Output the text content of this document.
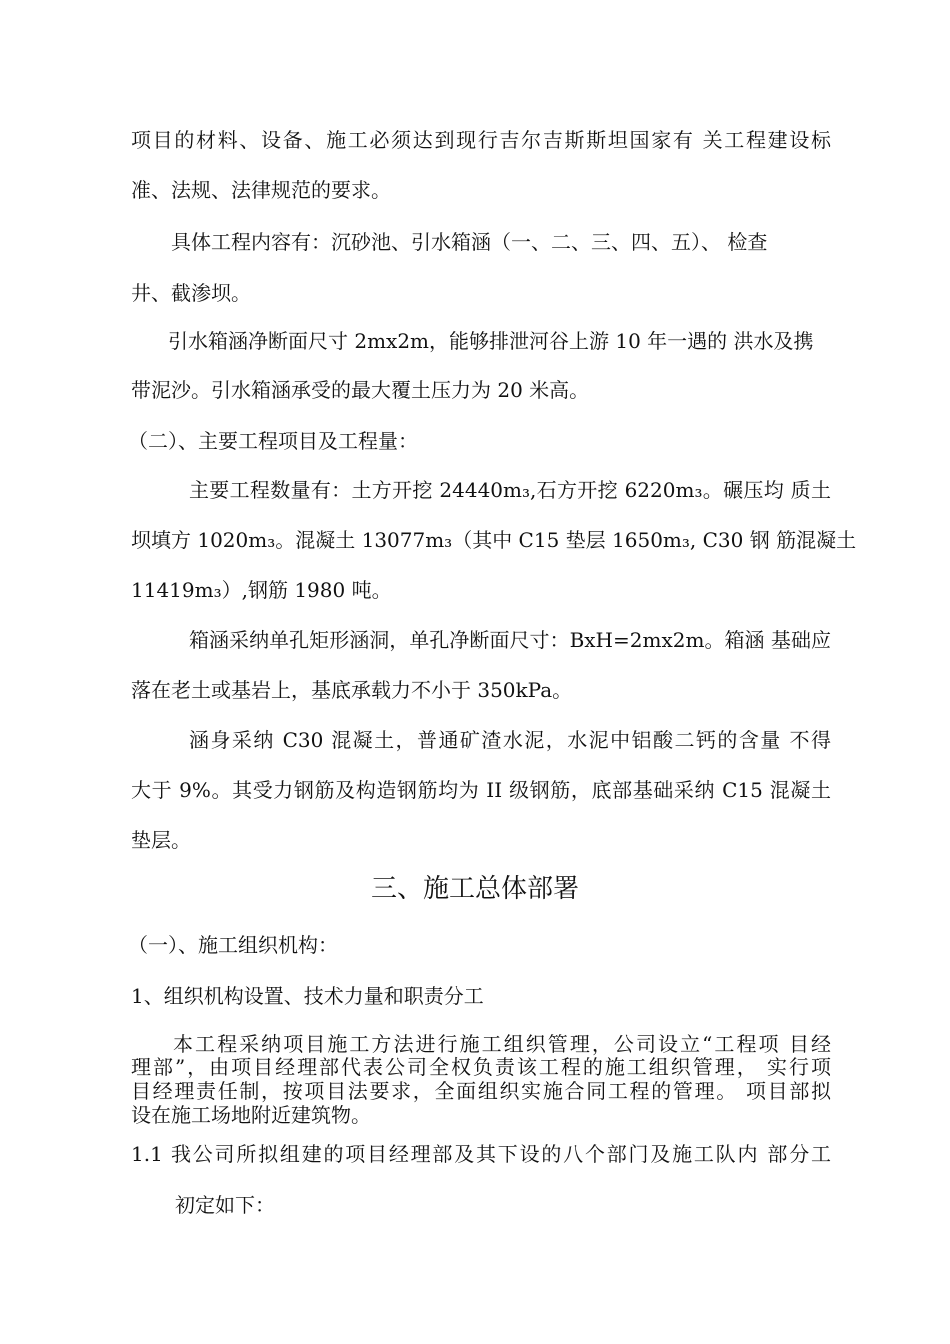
项目的材料、设备、施工必须达到现行吉尔吉斯斯坦国家有 关工程建设标
准、法规、法律规范的要求。
具体工程内容有：沉砂池、引水箱涵（一、二、三、四、五）、 检查
井、截渗坝。
引水箱涵净断面尺寸 2mx2m，能够排泄河谷上游 10 年一遇的 洪水及携
带泥沙。引水箱涵承受的最大覆土压力为 20 米高。
（二）、主要工程项目及工程量：
主要工程数量有：土方开挖 24440m₃,石方开挖 6220m₃。碾压均 质土
坝填方 1020m₃。混凝土 13077m₃（其中 C15 垫层 1650m₃, C30 钢 筋混凝土
11419m₃）,钢筋 1980 吨。
箱涵采纳单孔矩形涵洞，单孔净断面尺寸：BxH=2mx2m。箱涵 基础应
落在老土或基岩上，基底承载力不小于 350kPa。
涵身采纳 C30 混凝土，普通矿渣水泥，水泥中铝酸二钙的含量 不得
大于 9%。其受力钢筋及构造钢筋均为 II 级钢筋，底部基础采纳 C15 混凝土
垫层。
三、施工总体部署
（一）、施工组织机构：
1、组织机构设置、技术力量和职责分工
本工程采纳项目施工方法进行施工组织管理，公司设立“工程项 目经
理部”，由项目经理部代表公司全权负责该工程的施工组织管理， 实行项
目经理责任制，按项目法要求，全面组织实施合同工程的管理。 项目部拟
设在施工场地附近建筑物。
1.1 我公司所拟组建的项目经理部及其下设的八个部门及施工队内 部分工
初定如下：
